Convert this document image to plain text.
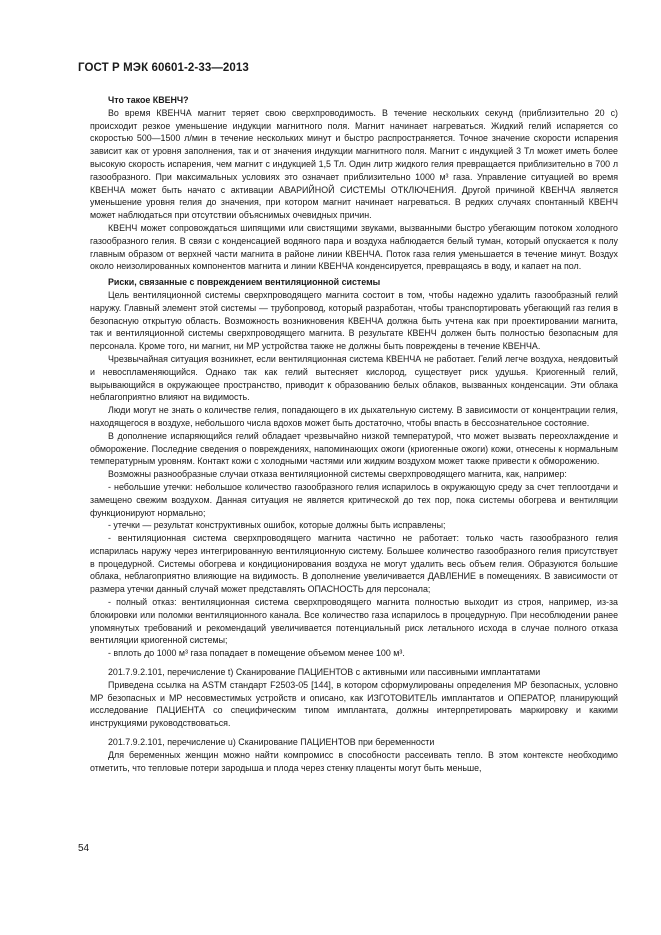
ГОСТ Р МЭК 60601-2-33—2013
Что такое КВЕНЧ?

Во время КВЕНЧА магнит теряет свою сверхпроводимость. В течение нескольких секунд (приблизительно 20 с) происходит резкое уменьшение индукции магнитного поля. Магнит начинает нагреваться. Жидкий гелий испаряется со скоростью 500—1500 л/мин в течение нескольких минут и быстро распространяется. Точное значение скорости испарения зависит как от уровня заполнения, так и от значения индукции магнитного поля. Магнит с индукцией 3 Тл может иметь более высокую скорость испарения, чем магнит с индукцией 1,5 Тл. Один литр жидкого гелия превращается приблизительно в 700 л газообразного. При максимальных условиях это означает приблизительно 1000 м³ газа. Управление ситуацией во время КВЕНЧА может быть начато с активации АВАРИЙНОЙ СИСТЕМЫ ОТКЛЮЧЕНИЯ. Другой причиной КВЕНЧА является уменьшение уровня гелия до значения, при котором магнит начинает нагреваться. В редких случаях спонтанный КВЕНЧ может наблюдаться при отсутствии объяснимых очевидных причин.

КВЕНЧ может сопровождаться шипящими или свистящими звуками, вызванными быстро убегающим потоком холодного газообразного гелия. В связи с конденсацией водяного пара и воздуха наблюдается белый туман, который опускается к полу главным образом от верхней части магнита в районе линии КВЕНЧА. Поток газа гелия уменьшается в течение минут. Воздух около неизолированных компонентов магнита и линии КВЕНЧА конденсируется, превращаясь в воду, и капает на пол.

Риски, связанные с повреждением вентиляционной системы

Цель вентиляционной системы сверхпроводящего магнита состоит в том, чтобы надежно удалить газообразный гелий наружу. Главный элемент этой системы — трубопровод, который разработан, чтобы транспортировать убегающий газ гелия в безопасную открытую область. Возможность возникновения КВЕНЧА должна быть учтена как при проектировании магнита, так и вентиляционной системы сверхпроводящего магнита. В результате КВЕНЧ должен быть полностью безопасным для персонала. Кроме того, ни магнит, ни МР устройства также не должны быть повреждены в течение КВЕНЧА.

Чрезвычайная ситуация возникнет, если вентиляционная система КВЕНЧА не работает. Гелий легче воздуха, неядовитый и невоспламеняющийся. Однако так как гелий вытесняет кислород, существует риск удушья. Криогенный гелий, вырывающийся в окружающее пространство, приводит к образованию белых облаков, вызванных конденсации. Эти облака неблагоприятно влияют на видимость.

Люди могут не знать о количестве гелия, попадающего в их дыхательную систему. В зависимости от концентрации гелия, находящегося в воздухе, небольшого числа вдохов может быть достаточно, чтобы впасть в бессознательное состояние.

В дополнение испаряющийся гелий обладает чрезвычайно низкой температурой, что может вызвать переохлаждение и обморожение. Последние сведения о повреждениях, напоминающих ожоги (криогенные ожоги) кожи, отнесены к нормальным температурным уровням. Контакт кожи с холодными частями или жидким воздухом может также привести к обморожению.

Возможны разнообразные случаи отказа вентиляционной системы сверхпроводящего магнита, как, например:

- небольшие утечки: небольшое количество газообразного гелия испарилось в окружающую среду за счет теплоотдачи и замещено свежим воздухом. Данная ситуация не является критической до тех пор, пока системы обогрева и вентиляции функционируют нормально;

- утечки — результат конструктивных ошибок, которые должны быть исправлены;

- вентиляционная система сверхпроводящего магнита частично не работает: только часть газообразного гелия испарилась наружу через интегрированную вентиляционную систему. Большее количество газообразного гелия присутствует в процедурной. Системы обогрева и кондиционирования воздуха не могут удалить весь объем гелия. Образуются большие облака, неблагоприятно влияющие на видимость. В дополнение увеличивается ДАВЛЕНИЕ в помещениях. В зависимости от размера утечки данный случай может представлять ОПАСНОСТЬ для персонала;

- полный отказ: вентиляционная система сверхпроводящего магнита полностью выходит из строя, например, из-за блокировки или поломки вентиляционного канала. Все количество газа испарилось в процедурную. При несоблюдении ранее упомянутых требований и рекомендаций увеличивается потенциальный риск летального исхода в случае полного отказа вентиляции криогенной системы;

- вплоть до 1000 м³ газа попадает в помещение объемом менее 100 м³.

201.7.9.2.101, перечисление t) Сканирование ПАЦИЕНТОВ с активными или пассивными имплантатами

Приведена ссылка на ASTM стандарт F2503-05 [144], в котором сформулированы определения МР безопасных, условно МР безопасных и МР несовместимых устройств и описано, как ИЗГОТОВИТЕЛЬ имплантатов и ОПЕРАТОР, планирующий исследование ПАЦИЕНТА со специфическим типом имплантата, должны интерпретировать маркировку и какими инструкциями руководствоваться.

201.7.9.2.101, перечисление u) Сканирование ПАЦИЕНТОВ при беременности

Для беременных женщин можно найти компромисс в способности рассеивать тепло. В этом контексте необходимо отметить, что тепловые потери зародыша и плода через стенку плаценты могут быть меньше,

54
